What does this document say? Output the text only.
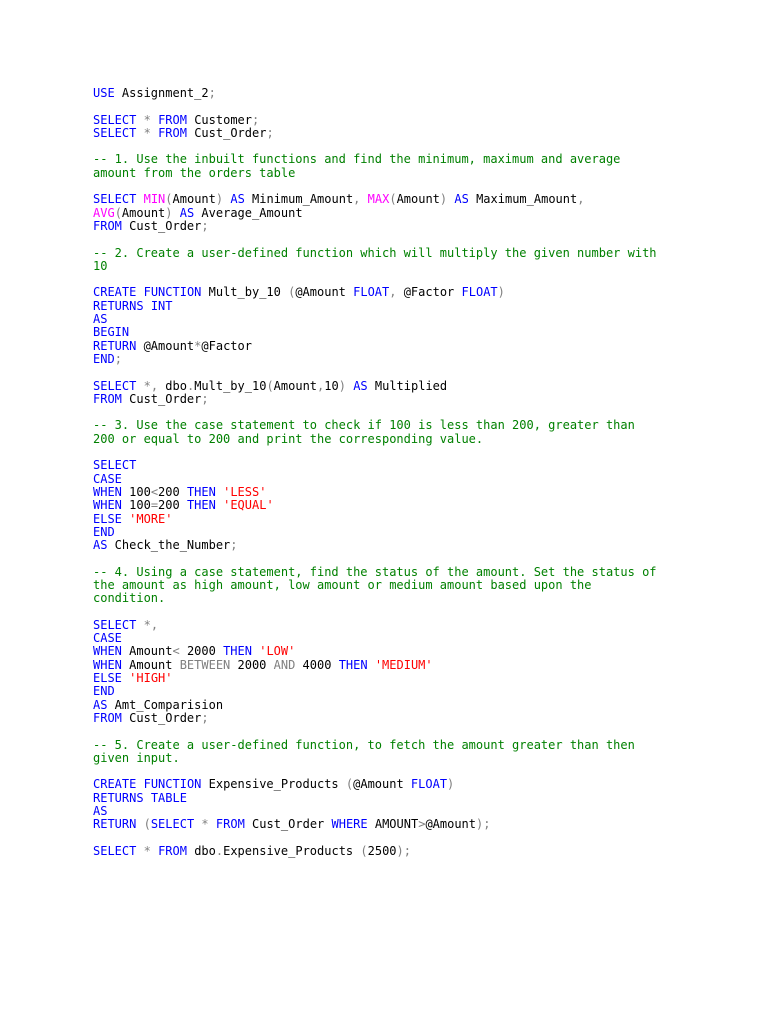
USE Assignment_2;

SELECT * FROM Customer;
SELECT * FROM Cust_Order;

-- 1. Use the inbuilt functions and find the minimum, maximum and average
amount from the orders table

SELECT MIN(Amount) AS Minimum_Amount, MAX(Amount) AS Maximum_Amount,
AVG(Amount) AS Average_Amount
FROM Cust_Order;

-- 2. Create a user-defined function which will multiply the given number with
10

CREATE FUNCTION Mult_by_10 (@Amount FLOAT, @Factor FLOAT)
RETURNS INT
AS
BEGIN
RETURN @Amount*@Factor
END;

SELECT *, dbo.Mult_by_10(Amount,10) AS Multiplied
FROM Cust_Order;

-- 3. Use the case statement to check if 100 is less than 200, greater than
200 or equal to 200 and print the corresponding value.

SELECT
CASE
WHEN 100<200 THEN 'LESS'
WHEN 100=200 THEN 'EQUAL'
ELSE 'MORE'
END
AS Check_the_Number;

-- 4. Using a case statement, find the status of the amount. Set the status of
the amount as high amount, low amount or medium amount based upon the
condition.

SELECT *,
CASE
WHEN Amount< 2000 THEN 'LOW'
WHEN Amount BETWEEN 2000 AND 4000 THEN 'MEDIUM'
ELSE 'HIGH'
END
AS Amt_Comparision
FROM Cust_Order;

-- 5. Create a user-defined function, to fetch the amount greater than then
given input.

CREATE FUNCTION Expensive_Products (@Amount FLOAT)
RETURNS TABLE
AS
RETURN (SELECT * FROM Cust_Order WHERE AMOUNT>@Amount);

SELECT * FROM dbo.Expensive_Products (2500);
